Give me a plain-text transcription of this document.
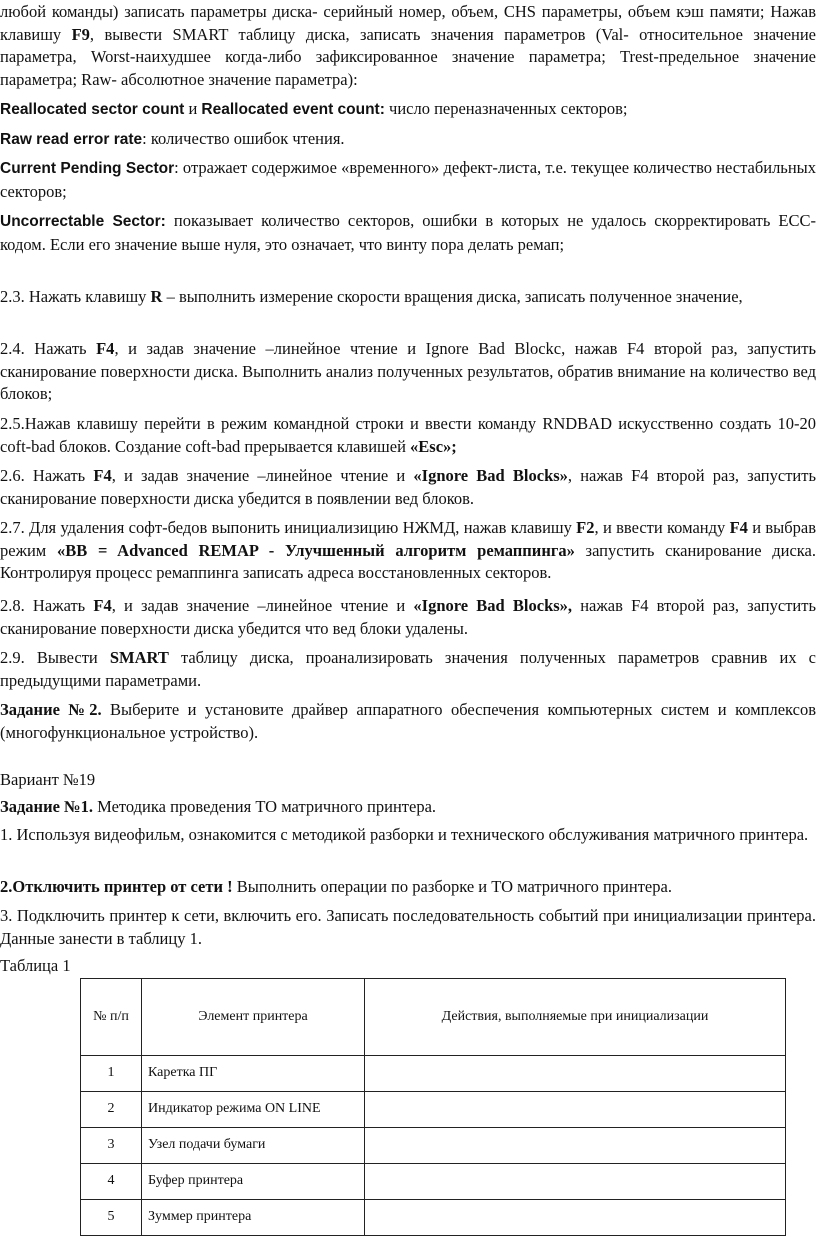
любой команды) записать параметры диска- серийный номер, объем, CHS параметры, объем кэш памяти; Нажав клавишу F9, вывести SMART таблицу диска, записать значения параметров (Val- относительное значение параметра, Worst-наихудшее когда-либо зафиксированное значение параметра; Trest-предельное значение параметра; Raw- абсолютное значение параметра):

Reallocated sector count и Reallocated event count: число переназначенных секторов;

Raw read error rate: количество ошибок чтения.

Current Pending Sector: отражает содержимое «временного» дефект-листа, т.е. текущее количество нестабильных секторов;

Uncorrectable Sector: показывает количество секторов, ошибки в которых не удалось скорректировать ЕСС-кодом. Если его значение выше нуля, это означает, что винту пора делать ремап;

2.3. Нажать клавишу R – выполнить измерение скорости вращения диска, записать полученное значение,

2.4. Нажать F4, и задав значение –линейное чтение и Ignore Bad Blockc, нажав F4 второй раз, запустить сканирование поверхности диска. Выполнить анализ полученных результатов, обратив внимание на количество вед блоков;

2.5.Нажав клавишу перейти в режим командной строки и ввести команду RNDBAD искусственно создать 10-20 coft-bad блоков. Создание coft-bad прерывается клавишей «Esc»;

2.6. Нажать F4, и задав значение –линейное чтение и «Ignore Bad Blocks», нажав F4 второй раз, запустить сканирование поверхности диска убедится в появлении вед блоков.

2.7. Для удаления софт-бедов выпонить инициализицию НЖМД, нажав клавишу F2, и ввести команду F4 и выбрав режим «BB = Advanced REMAP - Улучшенный алгоритм ремаппинга» запустить сканирование диска. Контролируя процесс ремаппинга записать адреса восстановленных секторов.

2.8. Нажать F4, и задав значение –линейное чтение и «Ignore Bad Blocks», нажав F4 второй раз, запустить сканирование поверхности диска убедится что вед блоки удалены.

2.9. Вывести SMART таблицу диска, проанализировать значения полученных параметров сравнив их с предыдущими параметрами.

Задание №2. Выберите и установите драйвер аппаратного обеспечения компьютерных систем и комплексов (многофункциональное устройство).

Вариант №19

Задание №1. Методика проведения ТО матричного принтера.

1. Используя видеофильм, ознакомится с методикой разборки и технического обслуживания матричного принтера.

2.Отключить принтер от сети ! Выполнить операции по разборке и ТО матричного принтера.

3. Подключить принтер к сети, включить его. Записать последовательность событий при инициализации принтера. Данные занести в таблицу 1.

Таблица 1

№ п/п	Элемент принтера	Действия, выполняемые при инициализации
1	Каретка ПГ	
2	Индикатор режима ON LINE	
3	Узел подачи бумаги	
4	Буфер принтера	
5	Зуммер принтера	
